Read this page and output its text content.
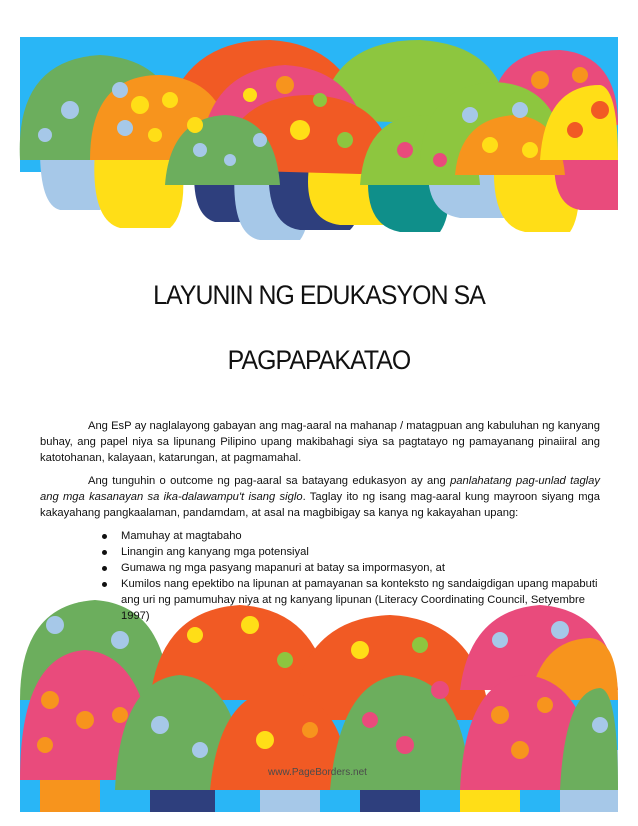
LAYUNIN NG EDUKASYON SA
PAGPAPAKATAO

Ang EsP ay naglalayong gabayan ang mag-aaral na mahanap / matagpuan ang kabuluhan ng kanyang buhay, ang papel niya sa lipunang Pilipino upang makibahagi siya sa pagtatayo ng pamayanang pinaiiral ang katotohanan, kalayaan, katarungan, at pagmamahal.

Ang tunguhin o outcome ng pag-aaral sa batayang edukasyon ay ang panlahatang pag-unlad taglay ang mga kasanayan sa ika-dalawampu't isang siglo. Taglay ito ng isang mag-aaral kung mayroon siyang mga kakayahang pangkaalaman, pandamdam, at asal na magbibigay sa kanya ng kakayahan upang:

Mamuhay at magtabaho
Linangin ang kanyang mga potensiyal
Gumawa ng mga pasyang mapanuri at batay sa impormasyon, at
Kumilos nang epektibo na lipunan at pamayanan sa konteksto ng sandaigdigan upang mapabuti ang uri ng pamumuhay niya at ng kanyang lipunan (Literacy Coordinating Council, Setyembre 1997)
www.PageBorders.net
